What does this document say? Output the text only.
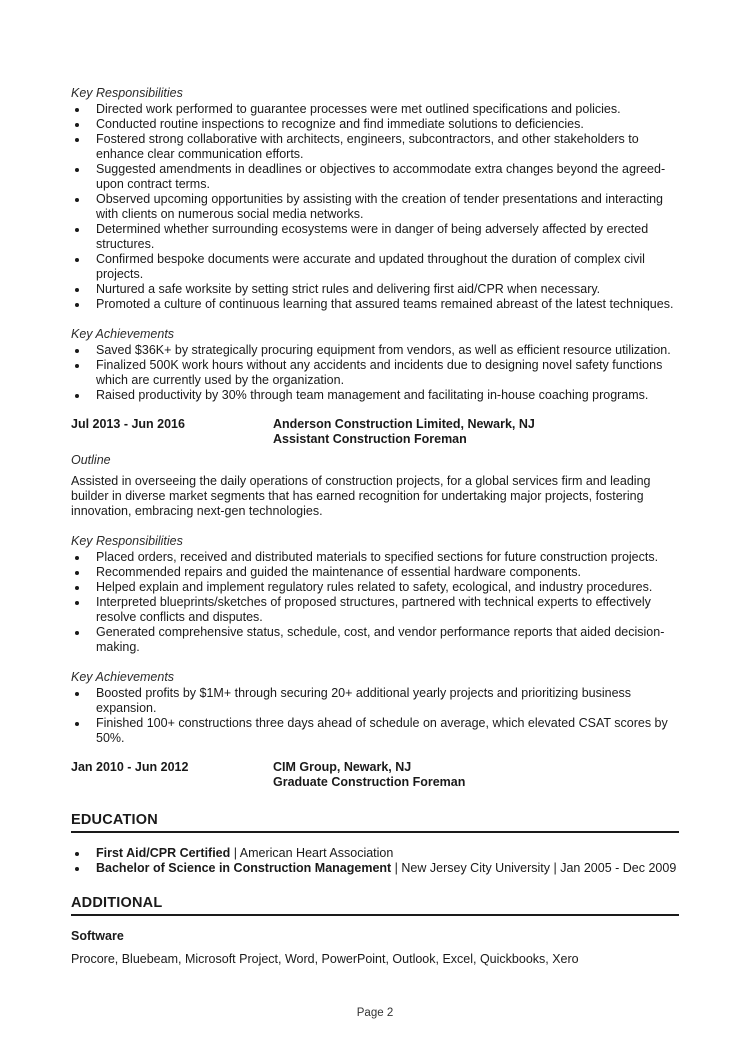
Key Responsibilities
Directed work performed to guarantee processes were met outlined specifications and policies.
Conducted routine inspections to recognize and find immediate solutions to deficiencies.
Fostered strong collaborative with architects, engineers, subcontractors, and other stakeholders to enhance clear communication efforts.
Suggested amendments in deadlines or objectives to accommodate extra changes beyond the agreed-upon contract terms.
Observed upcoming opportunities by assisting with the creation of tender presentations and interacting with clients on numerous social media networks.
Determined whether surrounding ecosystems were in danger of being adversely affected by erected structures.
Confirmed bespoke documents were accurate and updated throughout the duration of complex civil projects.
Nurtured a safe worksite by setting strict rules and delivering first aid/CPR when necessary.
Promoted a culture of continuous learning that assured teams remained abreast of the latest techniques.
Key Achievements
Saved $36K+ by strategically procuring equipment from vendors, as well as efficient resource utilization.
Finalized 500K work hours without any accidents and incidents due to designing novel safety functions which are currently used by the organization.
Raised productivity by 30% through team management and facilitating in-house coaching programs.
Jul 2013 - Jun 2016	Anderson Construction Limited, Newark, NJ
Assistant Construction Foreman
Outline

Assisted in overseeing the daily operations of construction projects, for a global services firm and leading builder in diverse market segments that has earned recognition for undertaking major projects, fostering innovation, embracing next-gen technologies.

Key Responsibilities
Placed orders, received and distributed materials to specified sections for future construction projects.
Recommended repairs and guided the maintenance of essential hardware components.
Helped explain and implement regulatory rules related to safety, ecological, and industry procedures.
Interpreted blueprints/sketches of proposed structures, partnered with technical experts to effectively resolve conflicts and disputes.
Generated comprehensive status, schedule, cost, and vendor performance reports that aided decision-making.
Key Achievements
Boosted profits by $1M+ through securing 20+ additional yearly projects and prioritizing business expansion.
Finished 100+ constructions three days ahead of schedule on average, which elevated CSAT scores by 50%.
Jan 2010 - Jun 2012	CIM Group, Newark, NJ
Graduate Construction Foreman
EDUCATION
First Aid/CPR Certified | American Heart Association
Bachelor of Science in Construction Management | New Jersey City University | Jan 2005 - Dec 2009
ADDITIONAL
Software
Procore, Bluebeam, Microsoft Project, Word, PowerPoint, Outlook, Excel, Quickbooks, Xero
Page 2
